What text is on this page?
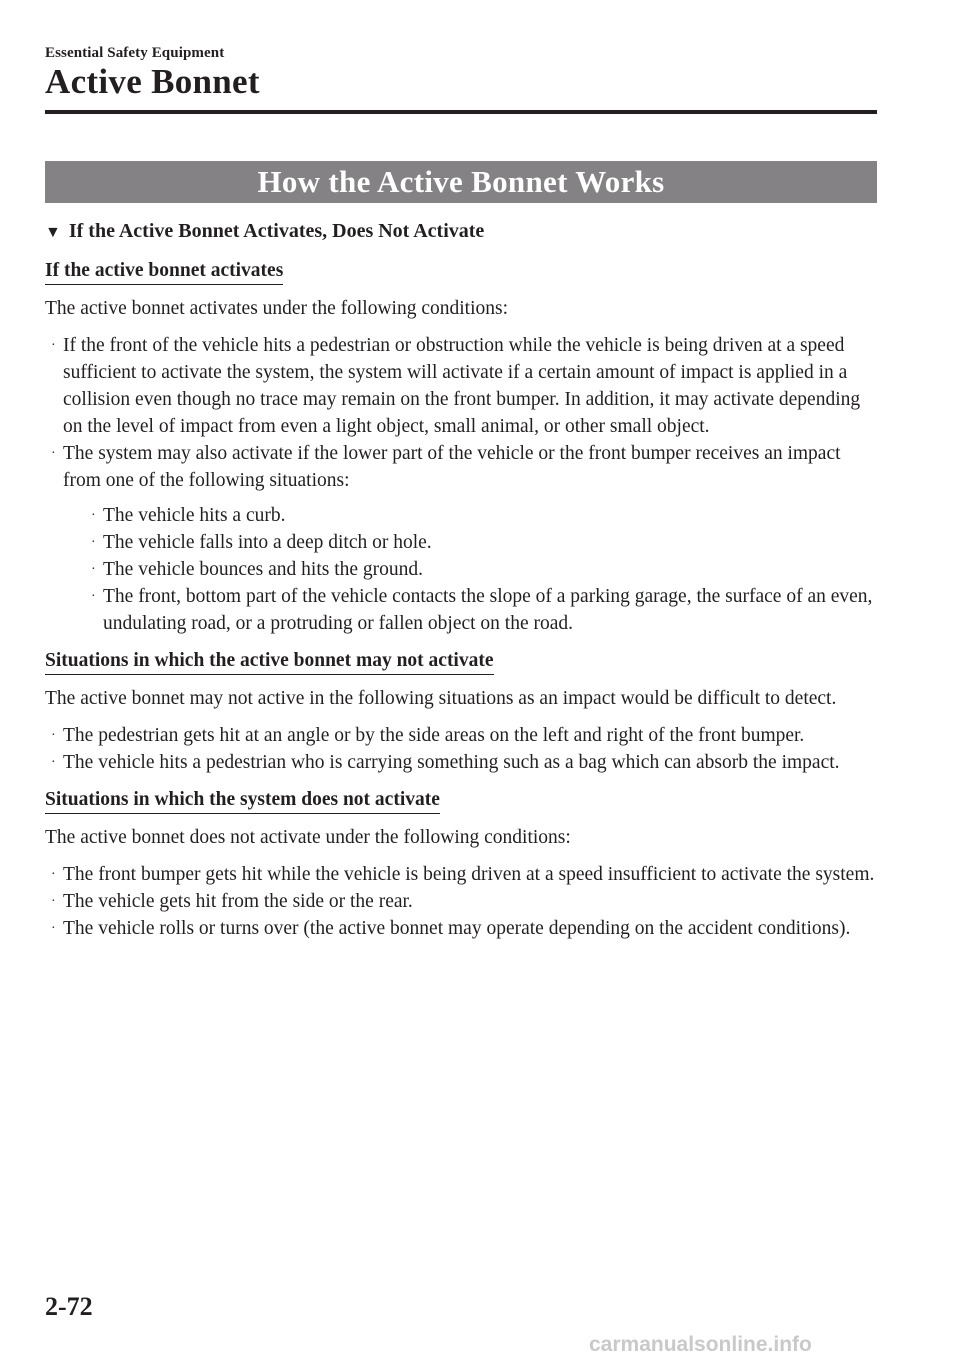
Essential Safety Equipment
Active Bonnet
How the Active Bonnet Works
▼ If the Active Bonnet Activates, Does Not Activate
If the active bonnet activates

The active bonnet activates under the following conditions:

· If the front of the vehicle hits a pedestrian or obstruction while the vehicle is being driven at a speed sufficient to activate the system, the system will activate if a certain amount of impact is applied in a collision even though no trace may remain on the front bumper. In addition, it may activate depending on the level of impact from even a light object, small animal, or other small object.
· The system may also activate if the lower part of the vehicle or the front bumper receives an impact from one of the following situations:
· The vehicle hits a curb.
· The vehicle falls into a deep ditch or hole.
· The vehicle bounces and hits the ground.
· The front, bottom part of the vehicle contacts the slope of a parking garage, the surface of an even, undulating road, or a protruding or fallen object on the road.
Situations in which the active bonnet may not activate

The active bonnet may not active in the following situations as an impact would be difficult to detect.

· The pedestrian gets hit at an angle or by the side areas on the left and right of the front bumper.
· The vehicle hits a pedestrian who is carrying something such as a bag which can absorb the impact.
Situations in which the system does not activate

The active bonnet does not activate under the following conditions:

· The front bumper gets hit while the vehicle is being driven at a speed insufficient to activate the system.
· The vehicle gets hit from the side or the rear.
· The vehicle rolls or turns over (the active bonnet may operate depending on the accident conditions).
2-72
carmanualsonline.info
